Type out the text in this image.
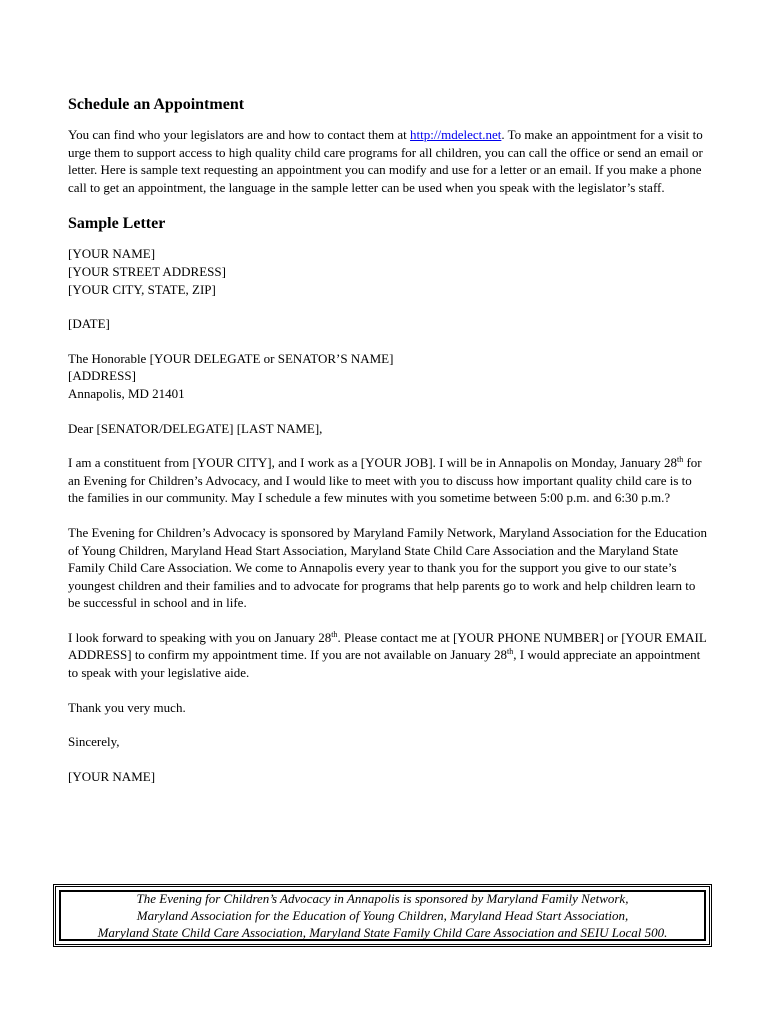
Schedule an Appointment

You can find who your legislators are and how to contact them at http://mdelect.net. To make an appointment for a visit to urge them to support access to high quality child care programs for all children, you can call the office or send an email or letter. Here is sample text requesting an appointment you can modify and use for a letter or an email. If you make a phone call to get an appointment, the language in the sample letter can be used when you speak with the legislator’s staff.

Sample Letter

[YOUR NAME]
[YOUR STREET ADDRESS]
[YOUR CITY, STATE, ZIP]

[DATE]

The Honorable [YOUR DELEGATE or SENATOR’S NAME]
[ADDRESS]
Annapolis, MD 21401

Dear [SENATOR/DELEGATE] [LAST NAME],

I am a constituent from [YOUR CITY], and I work as a [YOUR JOB]. I will be in Annapolis on Monday, January 28th for an Evening for Children’s Advocacy, and I would like to meet with you to discuss how important quality child care is to the families in our community. May I schedule a few minutes with you sometime between 5:00 p.m. and 6:30 p.m.?

The Evening for Children’s Advocacy is sponsored by Maryland Family Network, Maryland Association for the Education of Young Children, Maryland Head Start Association, Maryland State Child Care Association and the Maryland State Family Child Care Association. We come to Annapolis every year to thank you for the support you give to our state’s youngest children and their families and to advocate for programs that help parents go to work and help children learn to be successful in school and in life.

I look forward to speaking with you on January 28th. Please contact me at [YOUR PHONE NUMBER] or [YOUR EMAIL ADDRESS] to confirm my appointment time. If you are not available on January 28th, I would appreciate an appointment to speak with your legislative aide.

Thank you very much.

Sincerely,

[YOUR NAME]

The Evening for Children’s Advocacy in Annapolis is sponsored by Maryland Family Network,
Maryland Association for the Education of Young Children, Maryland Head Start Association,
Maryland State Child Care Association, Maryland State Family Child Care Association and SEIU Local 500.
